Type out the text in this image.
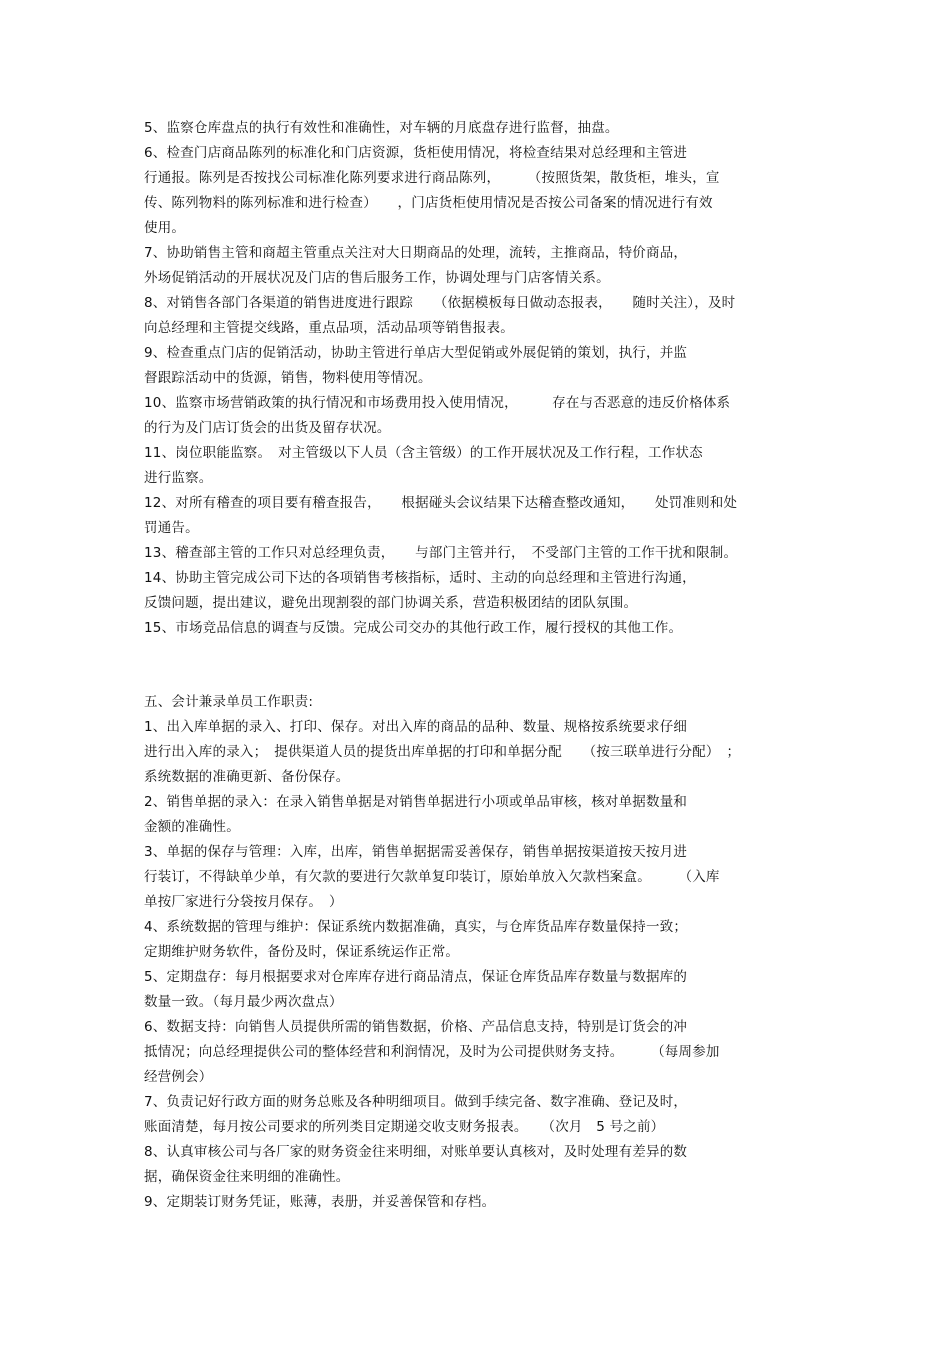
5、监察仓库盘点的执行有效性和准确性，对车辆的月底盘存进行监督，抽盘。
6、检查门店商品陈列的标准化和门店资源，货柜使用情况，将检查结果对总经理和主管进
行通报。陈列是否按找公司标准化陈列要求进行商品陈列，　　　（按照货架，散货柜，堆头，宣
传、陈列物料的陈列标准和进行检查）　　，门店货柜使用情况是否按公司备案的情况进行有效
使用。
7、协助销售主管和商超主管重点关注对大日期商品的处理，流转，主推商品，特价商品，
外场促销活动的开展状况及门店的售后服务工作，协调处理与门店客情关系。
8、对销售各部门各渠道的销售进度进行跟踪　　（依据模板每日做动态报表，　　随时关注），及时
向总经理和主管提交线路，重点品项，活动品项等销售报表。
9、检查重点门店的促销活动，协助主管进行单店大型促销或外展促销的策划，执行，并监
督跟踪活动中的货源，销售，物料使用等情况。
10、监察市场营销政策的执行情况和市场费用投入使用情况，　　　存在与否恶意的违反价格体系
的行为及门店订货会的出货及留存状况。
11、岗位职能监察。　对主管级以下人员（含主管级）的工作开展状况及工作行程，工作状态
进行监察。
12、对所有稽查的项目要有稽查报告，　　根据碰头会议结果下达稽查整改通知，　　处罚准则和处
罚通告。
13、稽查部主管的工作只对总经理负责，　　与部门主管并行，　不受部门主管的工作干扰和限制。
14、协助主管完成公司下达的各项销售考核指标，适时、主动的向总经理和主管进行沟通，
反馈问题，提出建议，避免出现割裂的部门协调关系，营造积极团结的团队氛围。
15、市场竞品信息的调查与反馈。完成公司交办的其他行政工作，履行授权的其他工作。
五、会计兼录单员工作职责:
1、出入库单据的录入、打印、保存。对出入库的商品的品种、数量、规格按系统要求仔细
进行出入库的录入；　提供渠道人员的提货出库单据的打印和单据分配　　（按三联单进行分配）　；
系统数据的准确更新、备份保存。
2、销售单据的录入：在录入销售单据是对销售单据进行小项或单品审核，核对单据数量和
金额的准确性。
3、单据的保存与管理：入库，出库，销售单据据需妥善保存，销售单据按渠道按天按月进
行装订，不得缺单少单，有欠款的要进行欠款单复印装订，原始单放入欠款档案盒。　　　（入库
单按厂家进行分袋按月保存。　）
4、系统数据的管理与维护：保证系统内数据准确，真实，与仓库货品库存数量保持一致；
定期维护财务软件，备份及时，保证系统运作正常。
5、定期盘存：每月根据要求对仓库库存进行商品清点，保证仓库货品库存数量与数据库的
数量一致。（每月最少两次盘点）
6、数据支持：向销售人员提供所需的销售数据，价格、产品信息支持，特别是订货会的冲
抵情况；向总经理提供公司的整体经营和利润情况，及时为公司提供财务支持。　　　（每周参加
经营例会）
7、负责记好行政方面的财务总账及各种明细项目。做到手续完备、数字准确、登记及时，
账面清楚，每月按公司要求的所列类目定期递交收支财务报表。　　（次月　5 号之前）
8、认真审核公司与各厂家的财务资金往来明细，对账单要认真核对，及时处理有差异的数
据，确保资金往来明细的准确性。
9、定期装订财务凭证，账薄，表册，并妥善保管和存档。
